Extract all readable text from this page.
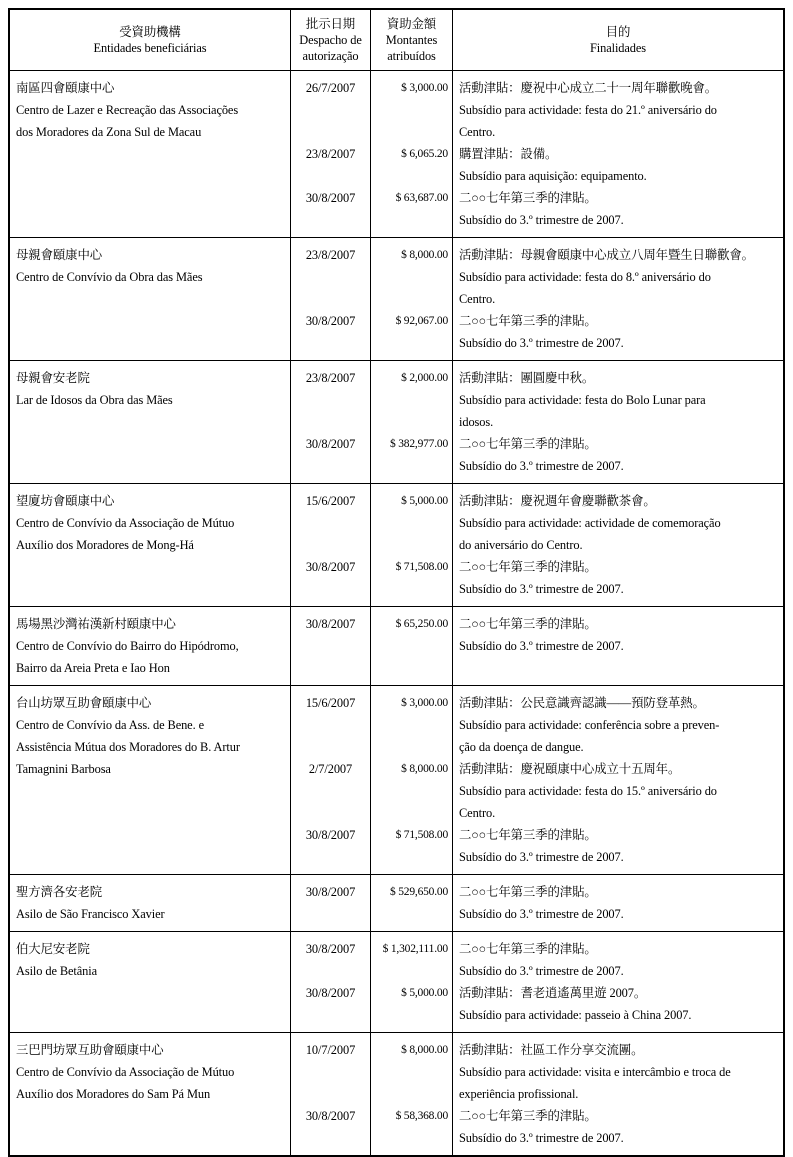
受資助機構
Entidades beneficiárias
批示日期
Despacho de
autorização
資助金額
Montantes
atribuídos
目的
Finalidades
南區四會頤康中心
Centro de Lazer e Recreação das Associações
dos Moradores da Zona Sul de Macau
26/7/2007	$ 3,000.00 活動津貼：慶祝中心成立二十一周年聯歡晚會。
Subsídio para actividade: festa do 21.º aniversário do
Centro.
23/8/2007	$ 6,065.20 購置津貼：設備。
Subsídio para aquisição: equipamento.
30/8/2007	$ 63,687.00 二○○七年第三季的津貼。
Subsídio do 3.º trimestre de 2007.
母親會頤康中心
Centro de Convívio da Obra das Mães
23/8/2007	$ 8,000.00 活動津貼：母親會頤康中心成立八周年暨生日聯歡會。
Subsídio para actividade: festa do 8.º aniversário do
Centro.
30/8/2007	$ 92,067.00 二○○七年第三季的津貼。
Subsídio do 3.º trimestre de 2007.
母親會安老院
Lar de Idosos da Obra das Mães
23/8/2007	$ 2,000.00 活動津貼：團圓慶中秋。
Subsídio para actividade: festa do Bolo Lunar para
idosos.
30/8/2007	$ 382,977.00 二○○七年第三季的津貼。
Subsídio do 3.º trimestre de 2007.
望廈坊會頤康中心
Centro de Convívio da Associação de Mútuo
Auxílio dos Moradores de Mong-Há
15/6/2007	$ 5,000.00 活動津貼：慶祝週年會慶聯歡茶會。
Subsídio para actividade: actividade de comemoração
do aniversário do Centro.
30/8/2007	$ 71,508.00 二○○七年第三季的津貼。
Subsídio do 3.º trimestre de 2007.
馬場黑沙灣祐漢新村頤康中心
Centro de Convívio do Bairro do Hipódromo,
Bairro da Areia Preta e Iao Hon
30/8/2007	$ 65,250.00 二○○七年第三季的津貼。
Subsídio do 3.º trimestre de 2007.
台山坊眾互助會頤康中心
Centro de Convívio da Ass. de Bene. e
Assistência Mútua dos Moradores do B. Artur
Tamagnini Barbosa
15/6/2007	$ 3,000.00 活動津貼：公民意識齊認識——預防登革熱。
Subsídio para actividade: conferência sobre a preven-
ção da doença de dangue.
2/7/2007	$ 8,000.00 活動津貼：慶祝頤康中心成立十五周年。
Subsídio para actividade: festa do 15.º aniversário do
Centro.
30/8/2007	$ 71,508.00 二○○七年第三季的津貼。
Subsídio do 3.º trimestre de 2007.
聖方濟各安老院
Asilo de São Francisco Xavier
30/8/2007	$ 529,650.00 二○○七年第三季的津貼。
Subsídio do 3.º trimestre de 2007.
伯大尼安老院
Asilo de Betânia
30/8/2007	$ 1,302,111.00 二○○七年第三季的津貼。
Subsídio do 3.º trimestre de 2007.
30/8/2007	$ 5,000.00 活動津貼：耆老逍遙萬里遊 2007。
Subsídio para actividade: passeio à China 2007.
三巴門坊眾互助會頤康中心
Centro de Convívio da Associação de Mútuo
Auxílio dos Moradores do Sam Pá Mun
10/7/2007	$ 8,000.00 活動津貼：社區工作分享交流團。
Subsídio para actividade: visita e intercâmbio e troca de
experiência profissional.
30/8/2007	$ 58,368.00 二○○七年第三季的津貼。
Subsídio do 3.º trimestre de 2007.
